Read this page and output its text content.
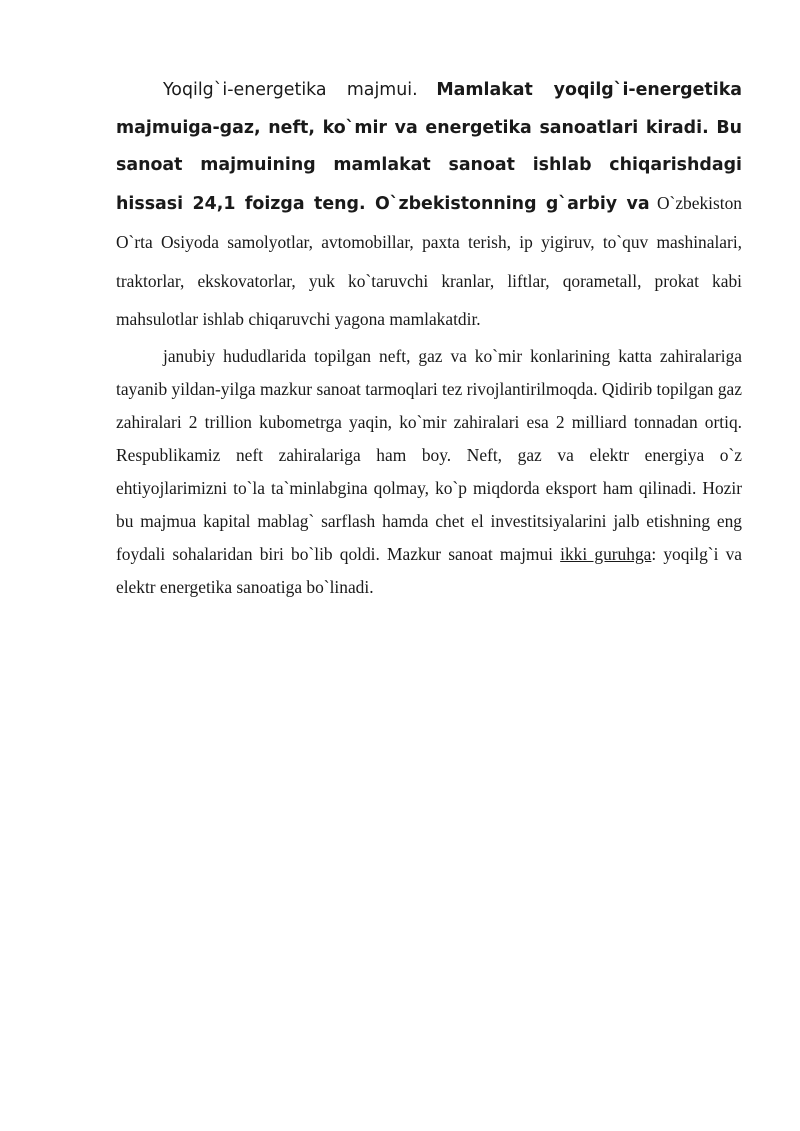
Yoqilg`i-energetika majmui. Mamlakat yoqilg`i-energetika majmuiga-gaz, neft, ko`mir va energetika sanoatlari kiradi. Bu sanoat majmuining mamlakat sanoat ishlab chiqarishdagi hissasi 24,1 foizga teng. O`zbekistonning g`arbiy va O`zbekiston O`rta Osiyoda samolyotlar, avtomobillar, paxta terish, ip yigiruv, to`quv mashinalari, traktorlar, ekskovatorlar, yuk ko`taruvchi kranlar, liftlar, qorametall, prokat kabi mahsulotlar ishlab chiqaruvchi yagona mamlakatdir.

janubiy hududlarida topilgan neft, gaz va ko`mir konlarining katta zahiralariga tayanib yildan-yilga mazkur sanoat tarmoqlari tez rivojlantirilmoqda. Qidirib topilgan gaz zahiralari 2 trillion kubometrga yaqin, ko`mir zahiralari esa 2 milliard tonnadan ortiq. Respublikamiz neft zahiralariga ham boy. Neft, gaz va elektr energiya o`z ehtiyojlarimizni to`la ta`minlabgina qolmay, ko`p miqdorda eksport ham qilinadi. Hozir bu majmua kapital mablag` sarflash hamda chet el investitsiyalarini jalb etishning eng foydali sohalaridan biri bo`lib qoldi. Mazkur sanoat majmui ikki guruhga: yoqilg`i va elektr energetika sanoatiga bo`linadi.
